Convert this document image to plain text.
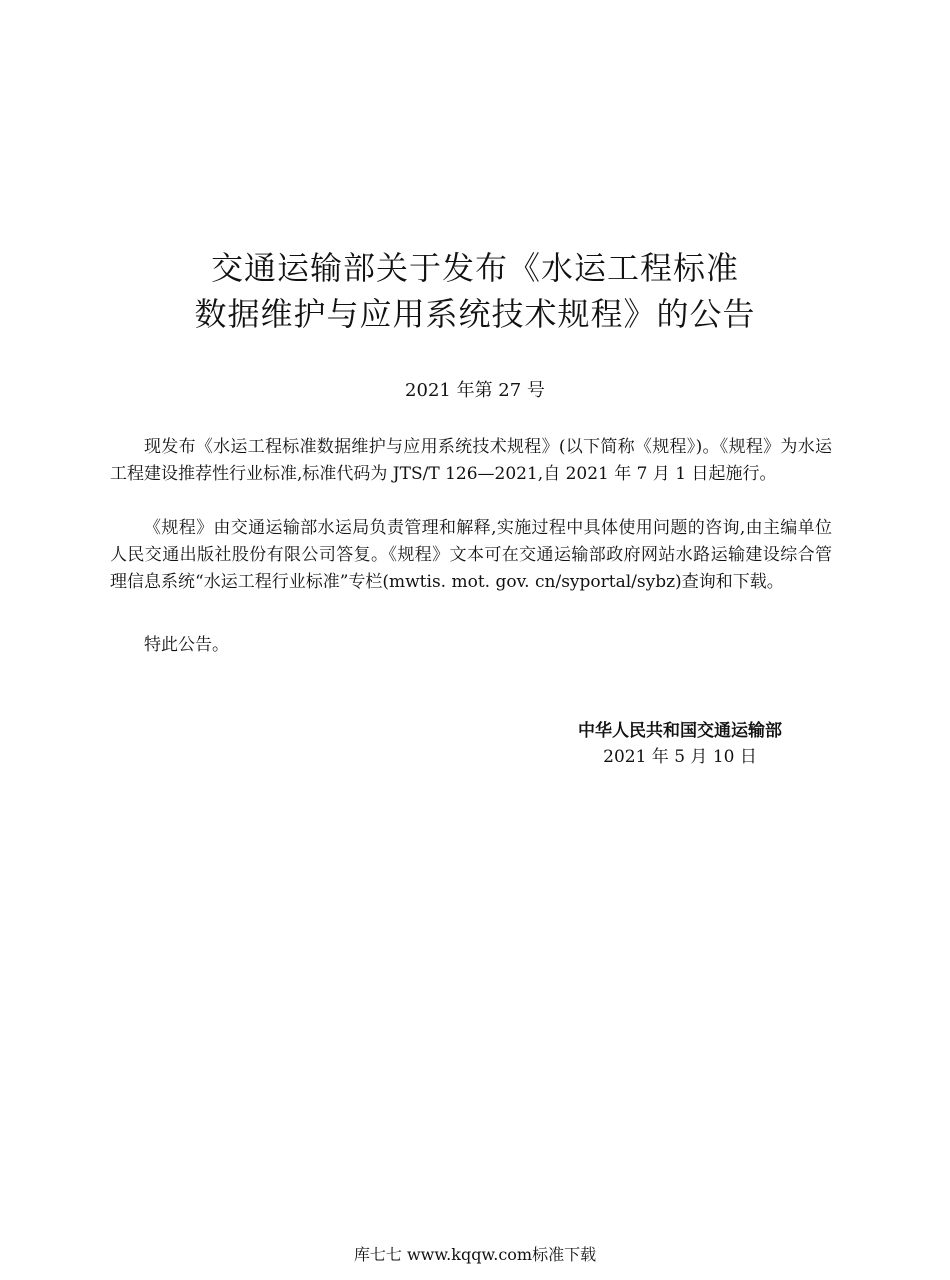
交通运输部关于发布《水运工程标准
数据维护与应用系统技术规程》的公告
2021 年第 27 号

现发布《水运工程标准数据维护与应用系统技术规程》(以下简称《规程》)。《规程》为水运工程建设推荐性行业标准,标准代码为 JTS/T 126—2021,自 2021 年 7 月 1 日起施行。

《规程》由交通运输部水运局负责管理和解释,实施过程中具体使用问题的咨询,由主编单位人民交通出版社股份有限公司答复。《规程》文本可在交通运输部政府网站水路运输建设综合管理信息系统“水运工程行业标准”专栏(mwtis. mot. gov. cn/syportal/sybz)查询和下载。

特此公告。

中华人民共和国交通运输部
2021 年 5 月 10 日
库七七 www.kqqw.com标准下载
